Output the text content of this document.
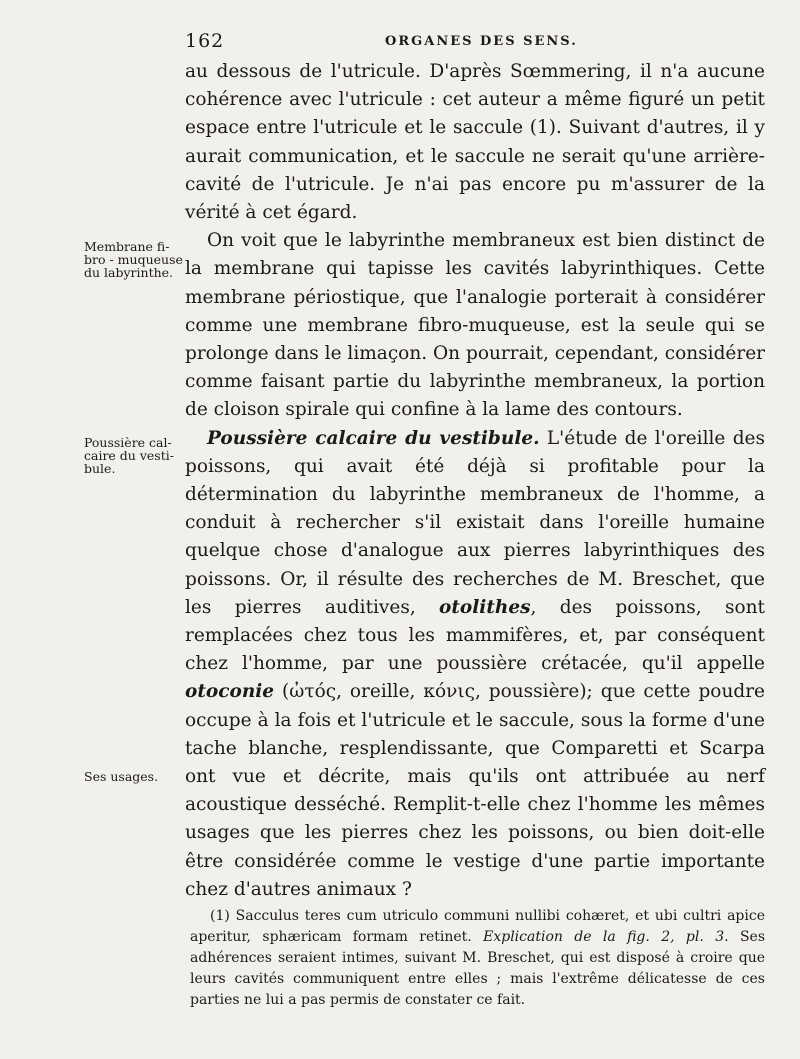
162	ORGANES DES SENS.
Membrane fi-bro - muqueuse du labyrinthe.
Poussière cal-caire du vesti-bule.
Ses usages.

au dessous de l'utricule. D'après Sœmmering, il n'a aucune cohérence avec l'utricule : cet auteur a même figuré un petit espace entre l'utricule et le saccule (1). Suivant d'autres, il y aurait communication, et le saccule ne serait qu'une arrière-cavité de l'utricule. Je n'ai pas encore pu m'assurer de la vérité à cet égard.

On voit que le labyrinthe membraneux est bien distinct de la membrane qui tapisse les cavités labyrinthiques. Cette membrane périostique, que l'analogie porterait à considérer comme une membrane fibro-muqueuse, est la seule qui se prolonge dans le limaçon. On pourrait, cependant, considérer comme faisant partie du labyrinthe membraneux, la portion de cloison spirale qui confine à la lame des contours.

Poussière calcaire du vestibule. L'étude de l'oreille des poissons, qui avait été déjà si profitable pour la détermination du labyrinthe membraneux de l'homme, a conduit à rechercher s'il existait dans l'oreille humaine quelque chose d'analogue aux pierres labyrinthiques des poissons. Or, il résulte des recherches de M. Breschet, que les pierres auditives, otolithes, des poissons, sont remplacées chez tous les mammifères, et, par conséquent chez l'homme, par une poussière crétacée, qu'il appelle otoconie (ὠτός, oreille, κόνις, poussière); que cette poudre occupe à la fois et l'utricule et le saccule, sous la forme d'une tache blanche, resplendissante, que Comparetti et Scarpa ont vue et décrite, mais qu'ils ont attribuée au nerf acoustique desséché. Remplit-t-elle chez l'homme les mêmes usages que les pierres chez les poissons, ou bien doit-elle être considérée comme le vestige d'une partie importante chez d'autres animaux ?

(1) Sacculus teres cum utriculo communi nullibi cohæret, et ubi cultri apice aperitur, sphæricam formam retinet. Explication de la fig. 2, pl. 3. Ses adhérences seraient intimes, suivant M. Breschet, qui est disposé à croire que leurs cavités communiquent entre elles ; mais l'extrême délicatesse de ces parties ne lui a pas permis de constater ce fait.
